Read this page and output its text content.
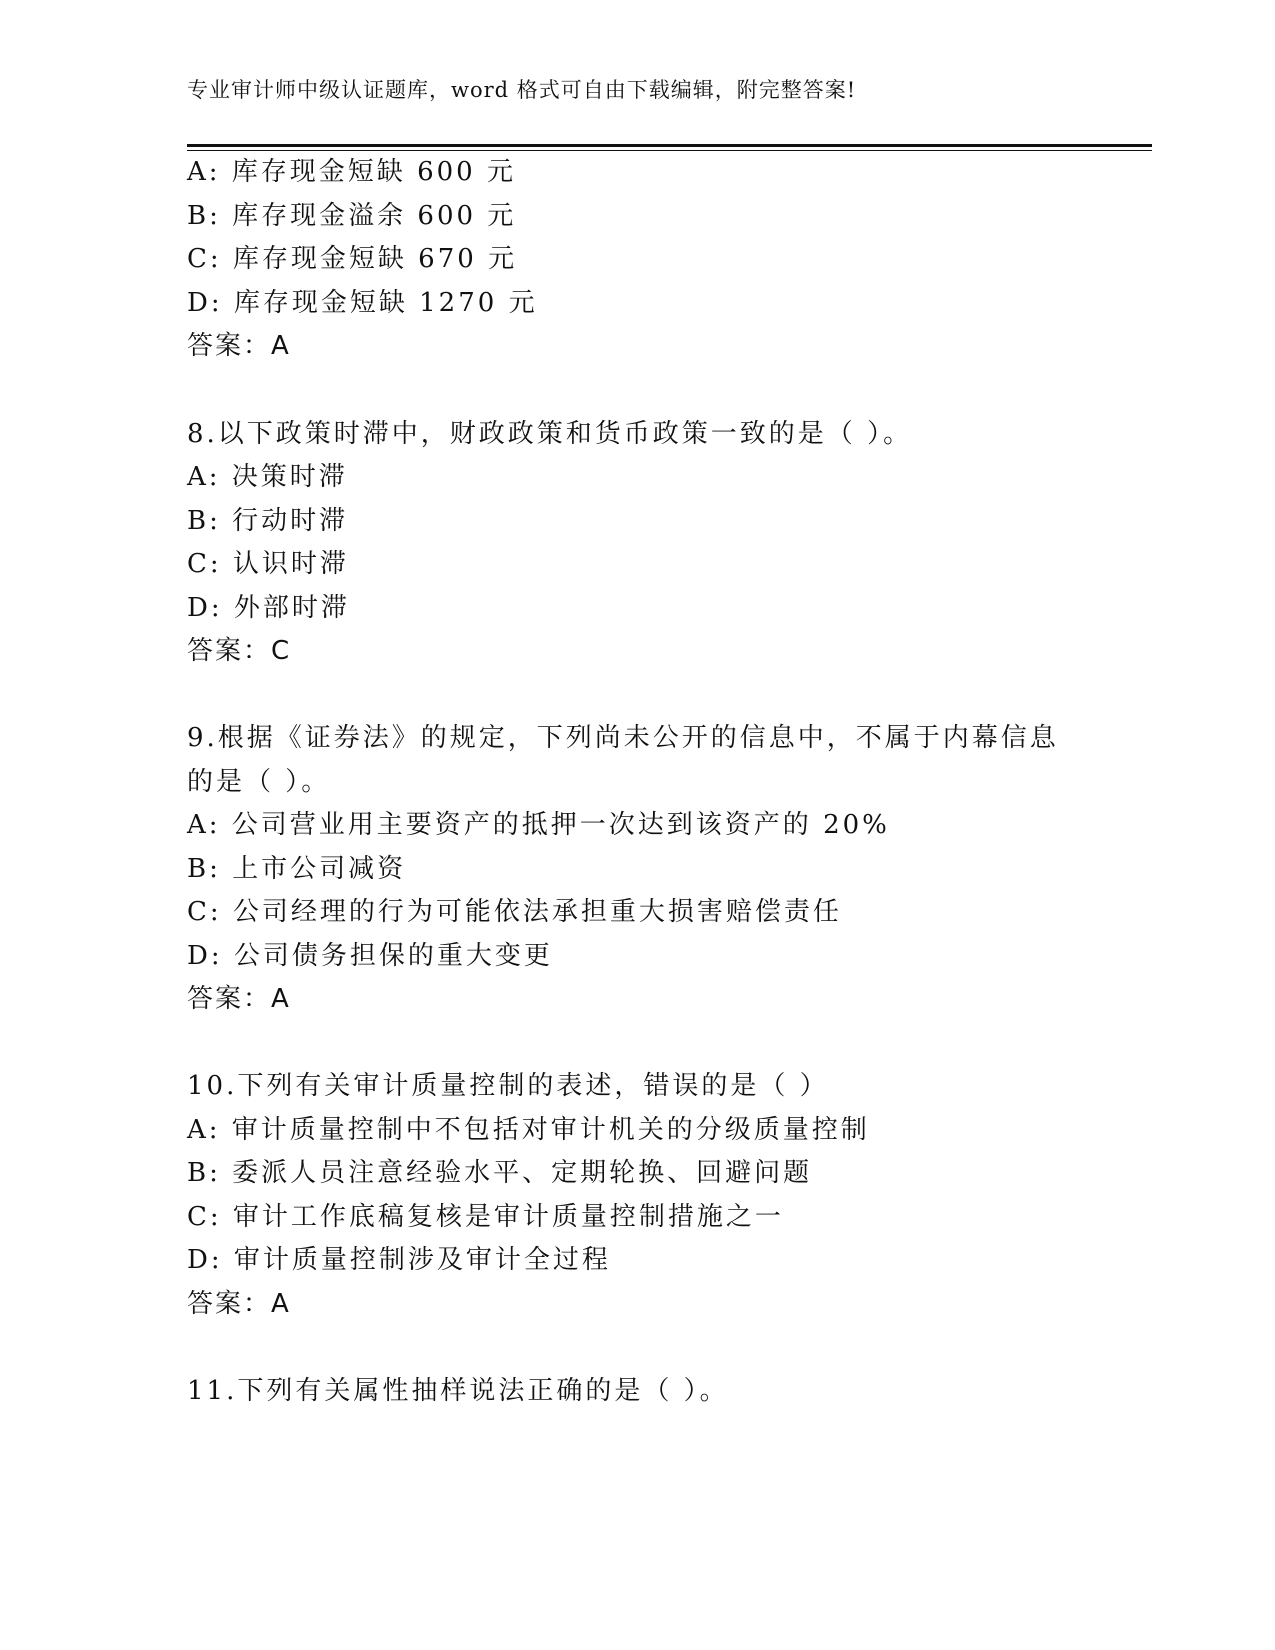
专业审计师中级认证题库，word 格式可自由下载编辑，附完整答案!
A: 库存现金短缺 600 元
B: 库存现金溢余 600 元
C: 库存现金短缺 670 元
D: 库存现金短缺 1270 元
答案：A
8.以下政策时滞中，财政政策和货币政策一致的是（ ）。
A: 决策时滞
B: 行动时滞
C: 认识时滞
D: 外部时滞
答案：C
9.根据《证券法》的规定，下列尚未公开的信息中，不属于内幕信息
的是（ ）。
A: 公司营业用主要资产的抵押一次达到该资产的 20%
B: 上市公司减资
C: 公司经理的行为可能依法承担重大损害赔偿责任
D: 公司债务担保的重大变更
答案：A
10.下列有关审计质量控制的表述，错误的是（ ）
A: 审计质量控制中不包括对审计机关的分级质量控制
B: 委派人员注意经验水平、定期轮换、回避问题
C: 审计工作底稿复核是审计质量控制措施之一
D: 审计质量控制涉及审计全过程
答案：A
11.下列有关属性抽样说法正确的是（ ）。
